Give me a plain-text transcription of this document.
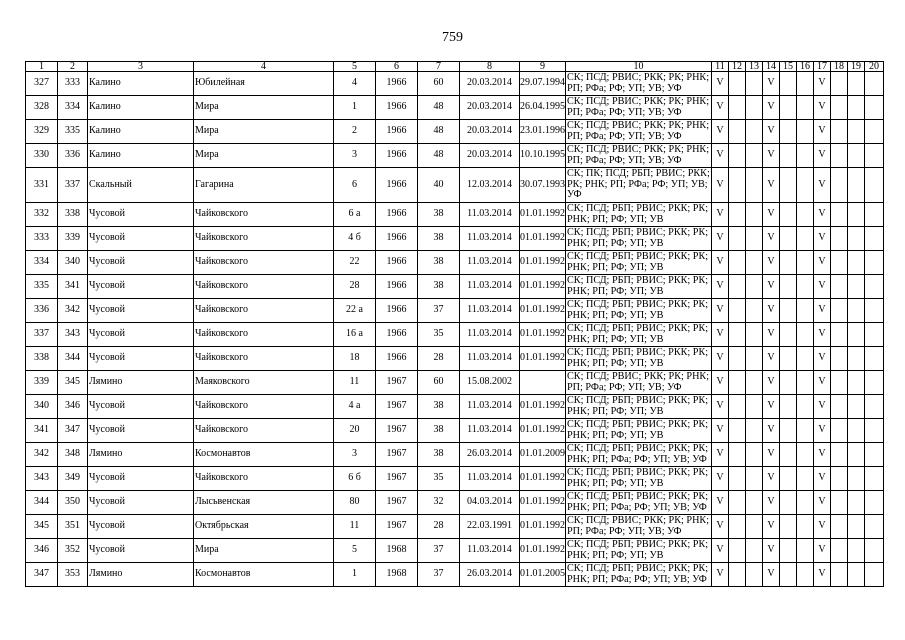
759
1	2	3	4	5	6	7	8	9	10	11	12	13	14	15	16	17	18	19	20
327	333	Калино	Юбилейная	4	1966	60	20.03.2014	29.07.1994	СК; ПСД; РВИС; РКК; РК; РНК; РП; РФа; РФ; УП; УВ; УФ	V			V			V			
328	334	Калино	Мира	1	1966	48	20.03.2014	26.04.1995	СК; ПСД; РВИС; РКК; РК; РНК; РП; РФа; РФ; УП; УВ; УФ	V			V			V			
329	335	Калино	Мира	2	1966	48	20.03.2014	23.01.1996	СК; ПСД; РВИС; РКК; РК; РНК; РП; РФа; РФ; УП; УВ; УФ	V			V			V			
330	336	Калино	Мира	3	1966	48	20.03.2014	10.10.1995	СК; ПСД; РВИС; РКК; РК; РНК; РП; РФа; РФ; УП; УВ; УФ	V			V			V			
331	337	Скальный	Гагарина	6	1966	40	12.03.2014	30.07.1993	СК; ПК; ПСД; РБП; РВИС; РКК; РК; РНК; РП; РФа; РФ; УП; УВ; УФ	V			V			V			
332	338	Чусовой	Чайковского	6 а	1966	38	11.03.2014	01.01.1992	СК; ПСД; РБП; РВИС; РКК; РК; РНК; РП; РФ; УП; УВ	V			V			V			
333	339	Чусовой	Чайковского	4 б	1966	38	11.03.2014	01.01.1992	СК; ПСД; РБП; РВИС; РКК; РК; РНК; РП; РФ; УП; УВ	V			V			V			
334	340	Чусовой	Чайковского	22	1966	38	11.03.2014	01.01.1992	СК; ПСД; РБП; РВИС; РКК; РК; РНК; РП; РФ; УП; УВ	V			V			V			
335	341	Чусовой	Чайковского	28	1966	38	11.03.2014	01.01.1992	СК; ПСД; РБП; РВИС; РКК; РК; РНК; РП; РФ; УП; УВ	V			V			V			
336	342	Чусовой	Чайковского	22 а	1966	37	11.03.2014	01.01.1992	СК; ПСД; РБП; РВИС; РКК; РК; РНК; РП; РФ; УП; УВ	V			V			V			
337	343	Чусовой	Чайковского	16 а	1966	35	11.03.2014	01.01.1992	СК; ПСД; РБП; РВИС; РКК; РК; РНК; РП; РФ; УП; УВ	V			V			V			
338	344	Чусовой	Чайковского	18	1966	28	11.03.2014	01.01.1992	СК; ПСД; РБП; РВИС; РКК; РК; РНК; РП; РФ; УП; УВ	V			V			V			
339	345	Лямино	Маяковского	11	1967	60	15.08.2002		СК; ПСД; РВИС; РКК; РК; РНК; РП; РФа; РФ; УП; УВ; УФ	V			V			V			
340	346	Чусовой	Чайковского	4 а	1967	38	11.03.2014	01.01.1992	СК; ПСД; РБП; РВИС; РКК; РК; РНК; РП; РФ; УП; УВ	V			V			V			
341	347	Чусовой	Чайковского	20	1967	38	11.03.2014	01.01.1992	СК; ПСД; РБП; РВИС; РКК; РК; РНК; РП; РФ; УП; УВ	V			V			V			
342	348	Лямино	Космонавтов	3	1967	38	26.03.2014	01.01.2009	СК; ПСД; РБП; РВИС; РКК; РК; РНК; РП; РФа; РФ; УП; УВ; УФ	V			V			V			
343	349	Чусовой	Чайковского	6 б	1967	35	11.03.2014	01.01.1992	СК; ПСД; РБП; РВИС; РКК; РК; РНК; РП; РФ; УП; УВ	V			V			V			
344	350	Чусовой	Лысьвенская	80	1967	32	04.03.2014	01.01.1992	СК; ПСД; РБП; РВИС; РКК; РК; РНК; РП; РФа; РФ; УП; УВ; УФ	V			V			V			
345	351	Чусовой	Октябрьская	11	1967	28	22.03.1991	01.01.1992	СК; ПСД; РВИС; РКК; РК; РНК; РП; РФа; РФ; УП; УВ; УФ	V			V			V			
346	352	Чусовой	Мира	5	1968	37	11.03.2014	01.01.1992	СК; ПСД; РБП; РВИС; РКК; РК; РНК; РП; РФ; УП; УВ	V			V			V			
347	353	Лямино	Космонавтов	1	1968	37	26.03.2014	01.01.2005	СК; ПСД; РБП; РВИС; РКК; РК; РНК; РП; РФа; РФ; УП; УВ; УФ	V			V			V			
